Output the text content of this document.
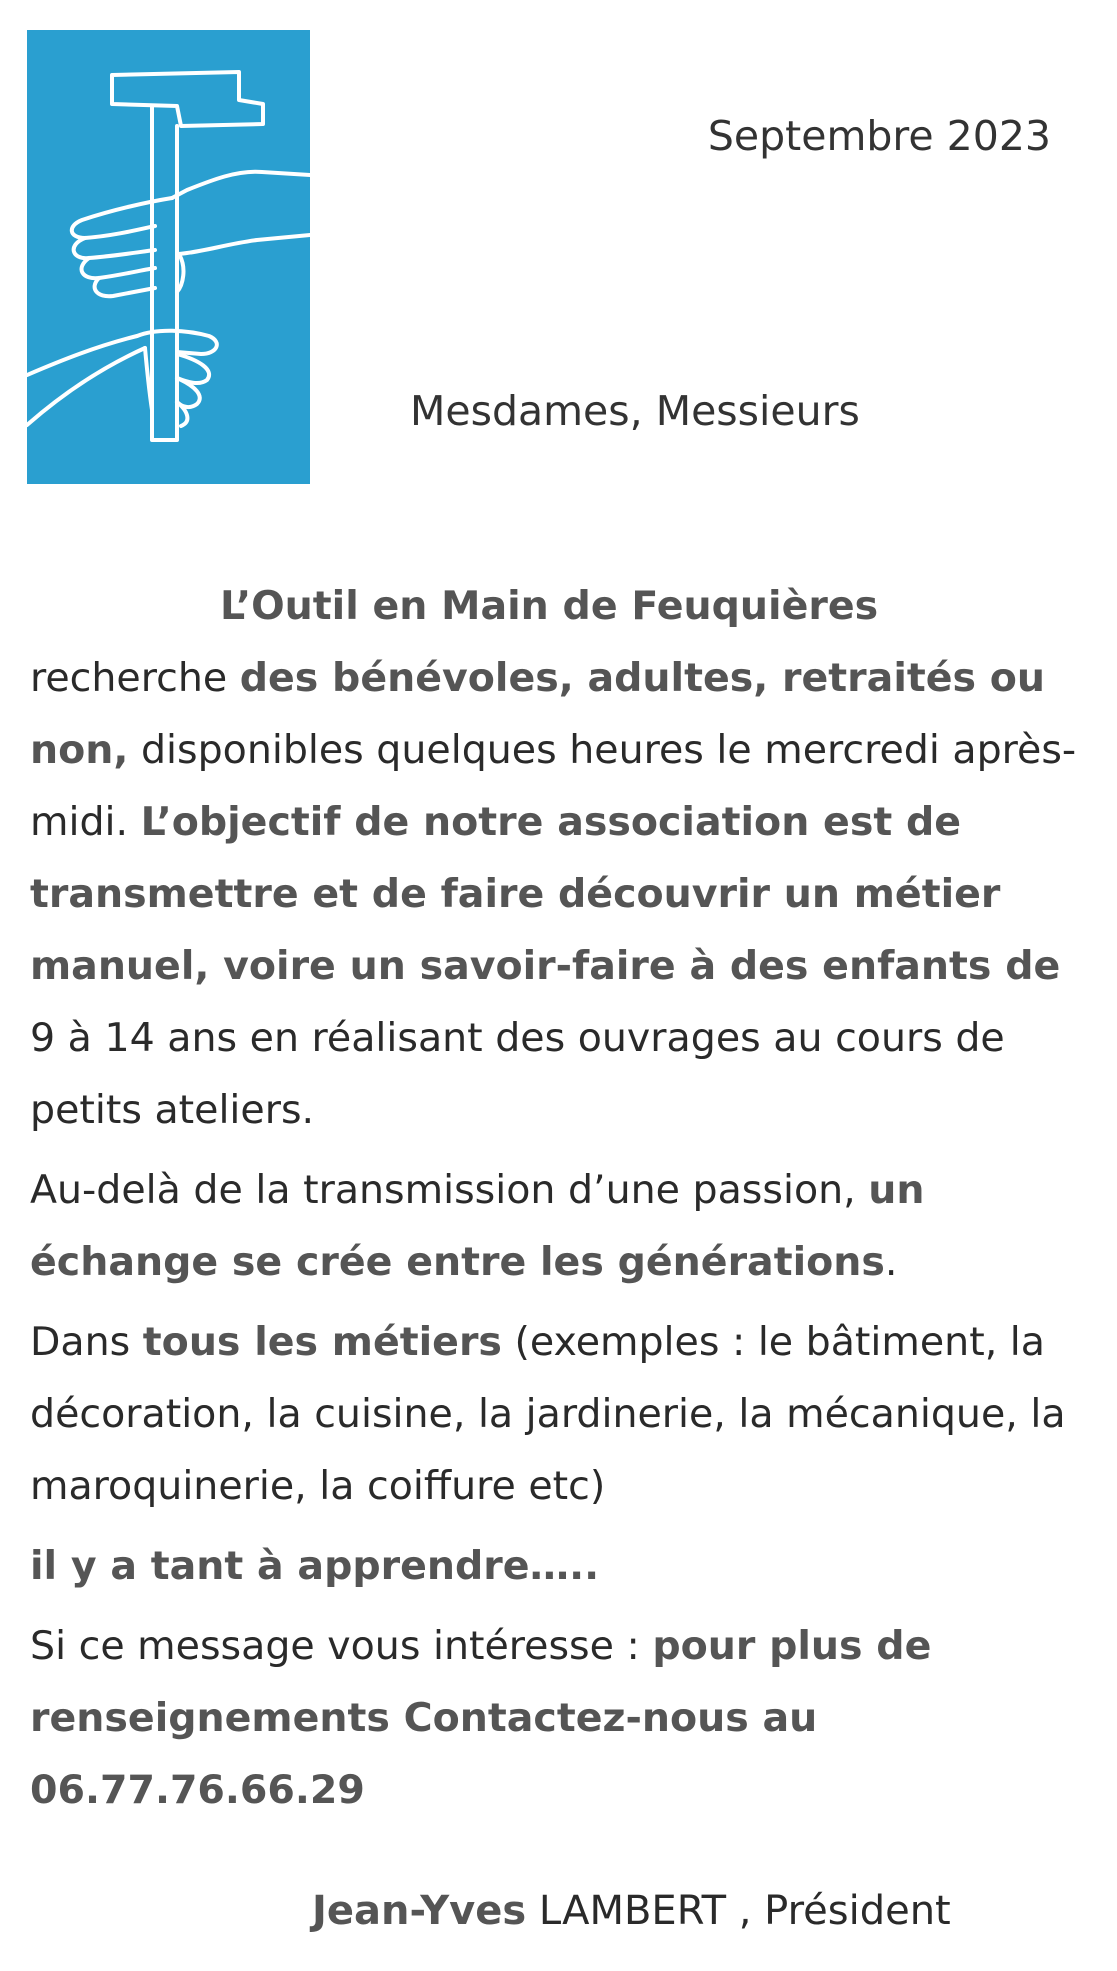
Septembre 2023
Mesdames, Messieurs

L’Outil en Main de Feuquières
recherche des bénévoles, adultes, retraités ou non, disponibles quelques heures le mercredi après-midi. L’objectif de notre association est de transmettre et de faire découvrir un métier manuel, voire un savoir-faire à des enfants de 9 à 14 ans en réalisant des ouvrages au cours de petits ateliers.

Au-delà de la transmission d’une passion, un échange se crée entre les générations.

Dans tous les métiers (exemples : le bâtiment, la décoration, la cuisine, la jardinerie, la mécanique, la maroquinerie, la coiffure etc)

il y a tant à apprendre…..

Si ce message vous intéresse : pour plus de renseignements Contactez-nous au 06.77.76.66.29

Jean-Yves LAMBERT , Président
